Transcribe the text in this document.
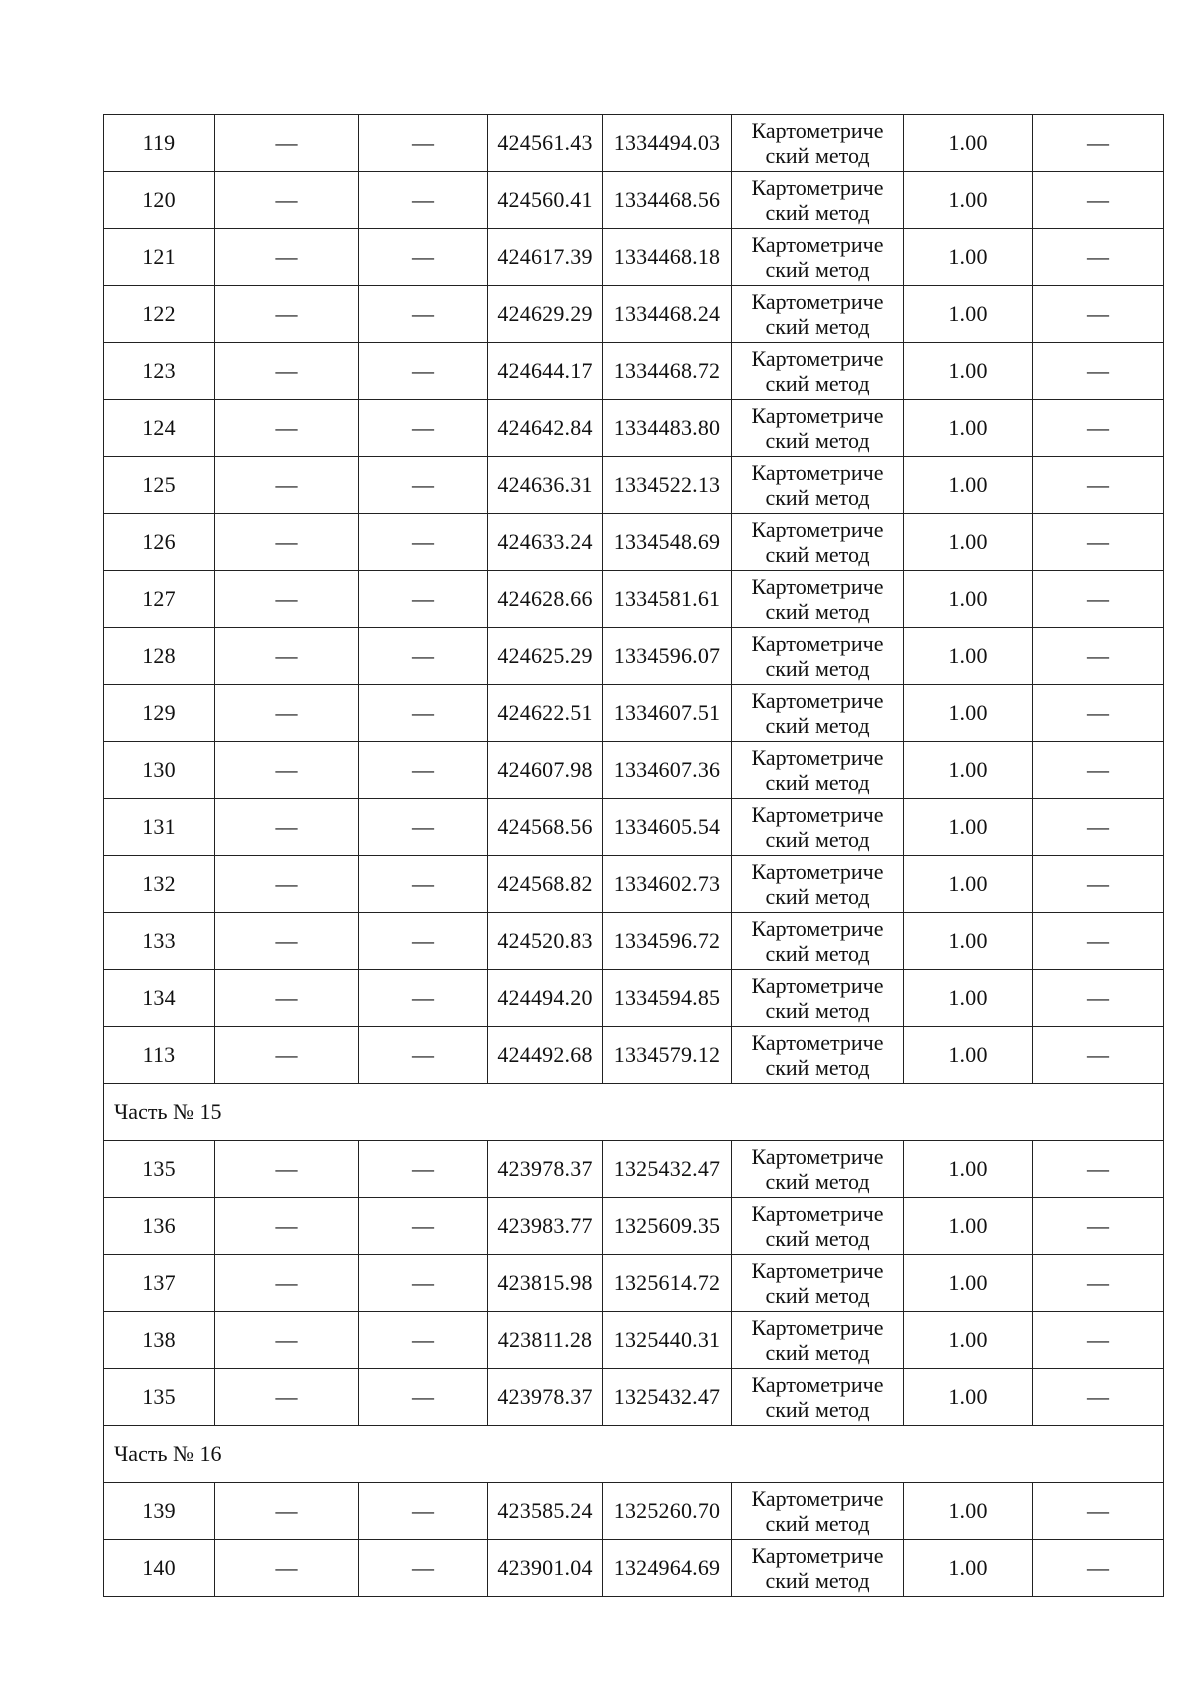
119	—	—	424561.43	1334494.03	Картометриче ский метод	1.00	—
120	—	—	424560.41	1334468.56	Картометриче ский метод	1.00	—
121	—	—	424617.39	1334468.18	Картометриче ский метод	1.00	—
122	—	—	424629.29	1334468.24	Картометриче ский метод	1.00	—
123	—	—	424644.17	1334468.72	Картометриче ский метод	1.00	—
124	—	—	424642.84	1334483.80	Картометриче ский метод	1.00	—
125	—	—	424636.31	1334522.13	Картометриче ский метод	1.00	—
126	—	—	424633.24	1334548.69	Картометриче ский метод	1.00	—
127	—	—	424628.66	1334581.61	Картометриче ский метод	1.00	—
128	—	—	424625.29	1334596.07	Картометриче ский метод	1.00	—
129	—	—	424622.51	1334607.51	Картометриче ский метод	1.00	—
130	—	—	424607.98	1334607.36	Картометриче ский метод	1.00	—
131	—	—	424568.56	1334605.54	Картометриче ский метод	1.00	—
132	—	—	424568.82	1334602.73	Картометриче ский метод	1.00	—
133	—	—	424520.83	1334596.72	Картометриче ский метод	1.00	—
134	—	—	424494.20	1334594.85	Картометриче ский метод	1.00	—
113	—	—	424492.68	1334579.12	Картометриче ский метод	1.00	—
Часть № 15							
135	—	—	423978.37	1325432.47	Картометриче ский метод	1.00	—
136	—	—	423983.77	1325609.35	Картометриче ский метод	1.00	—
137	—	—	423815.98	1325614.72	Картометриче ский метод	1.00	—
138	—	—	423811.28	1325440.31	Картометриче ский метод	1.00	—
135	—	—	423978.37	1325432.47	Картометриче ский метод	1.00	—
Часть № 16							
139	—	—	423585.24	1325260.70	Картометриче ский метод	1.00	—
140	—	—	423901.04	1324964.69	Картометриче ский метод	1.00	—
